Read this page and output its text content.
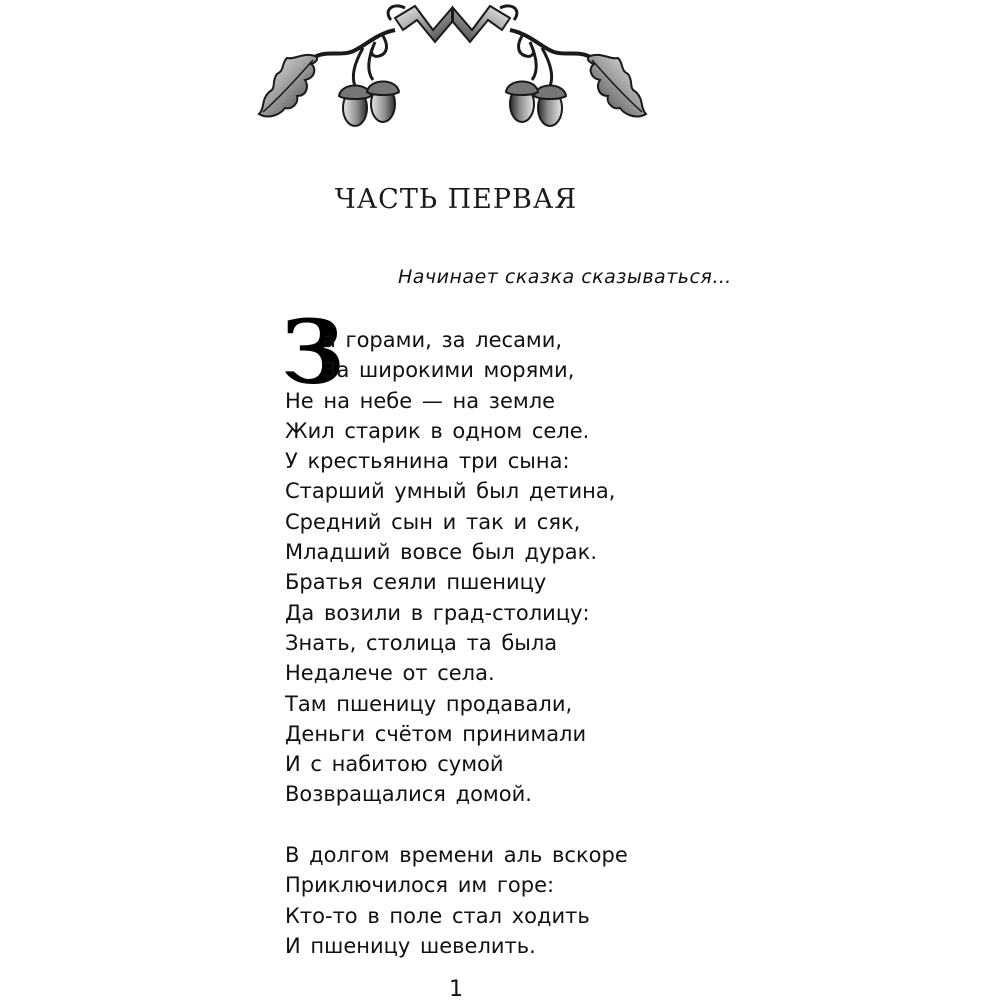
ЧАСТЬ ПЕРВАЯ
Начинает сказка сказываться…
З
а горами, за лесами,
За широкими морями,
Не на небе — на земле
Жил старик в одном селе.
У крестьянина три сына:
Старший умный был детина,
Средний сын и так и сяк,
Младший вовсе был дурак.
Братья сеяли пшеницу
Да возили в град-столицу:
Знать, столица та была
Недалече от села.
Там пшеницу продавали,
Деньги счётом принимали
И с набитою сумой
Возвращалися домой.
В долгом времени аль вскоре
Приключилося им горе:
Кто-то в поле стал ходить
И пшеницу шевелить.
1
